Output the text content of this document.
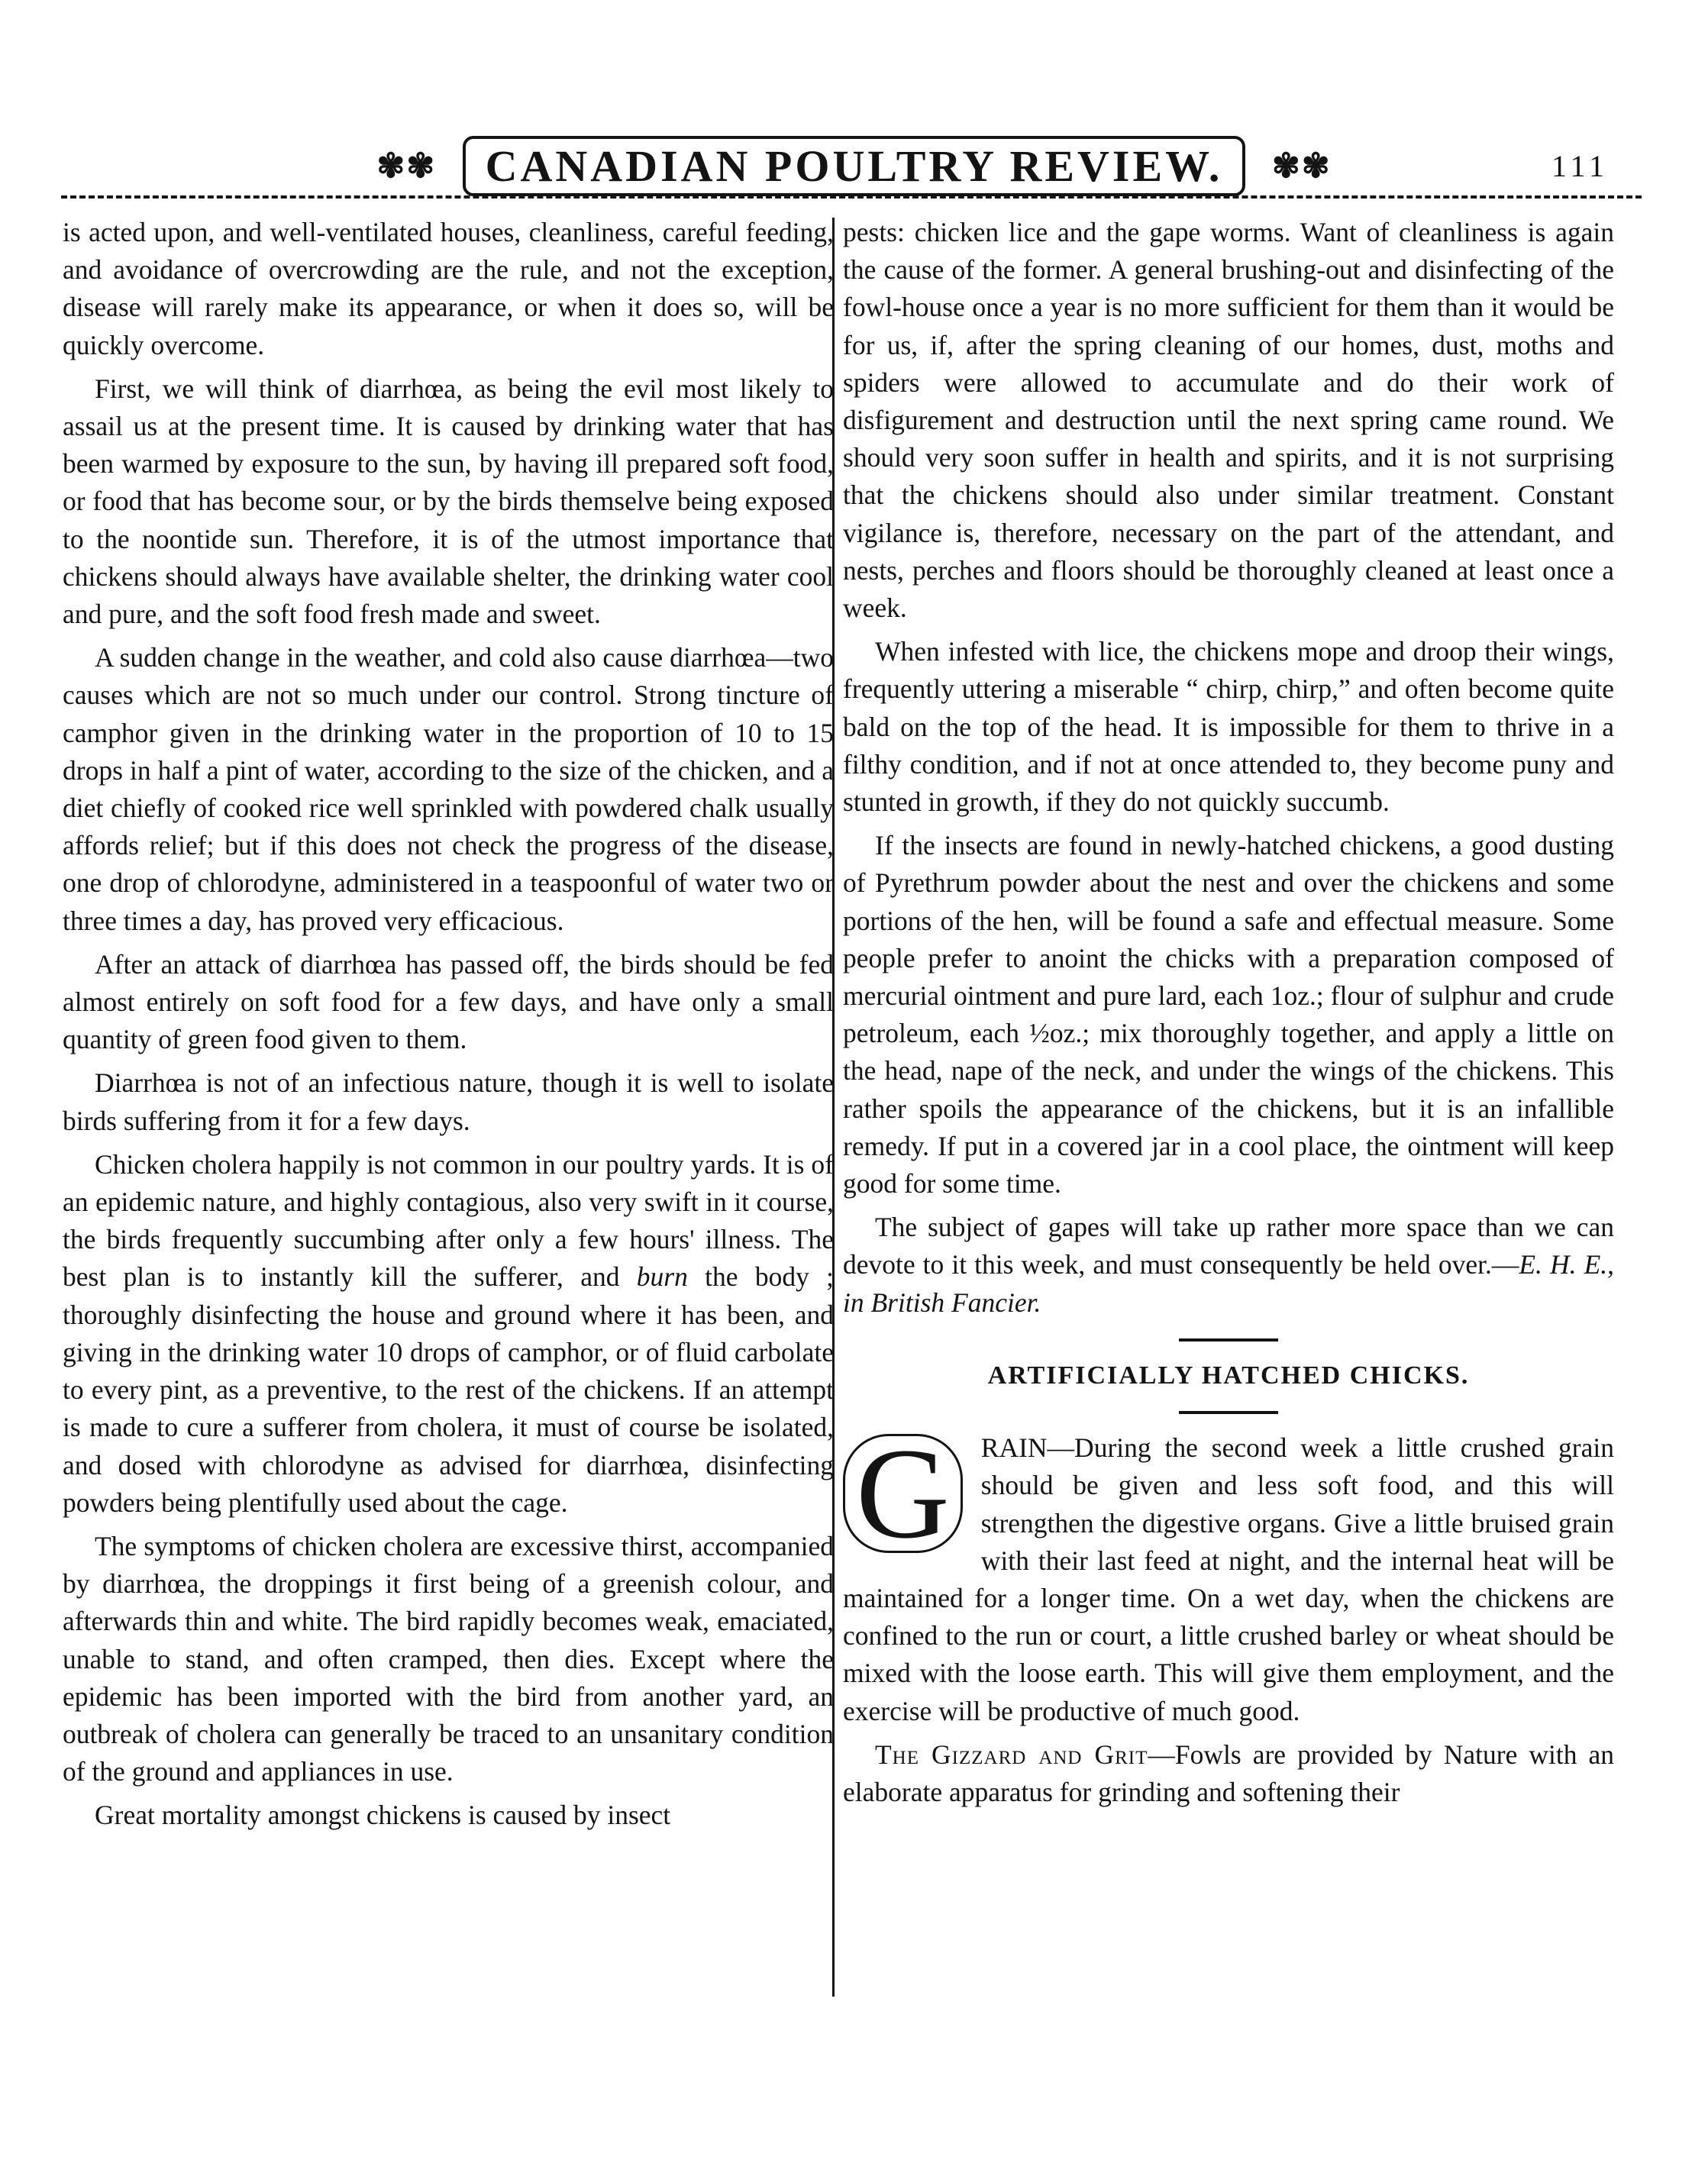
✾✾ CANADIAN POULTRY REVIEW. ✾✾	111

is acted upon, and well-ventilated houses, cleanliness, careful feeding, and avoidance of overcrowding are the rule, and not the exception, disease will rarely make its appearance, or when it does so, will be quickly overcome.

First, we will think of diarrhœa, as being the evil most likely to assail us at the present time. It is caused by drinking water that has been warmed by exposure to the sun, by having ill prepared soft food, or food that has become sour, or by the birds themselve being exposed to the noontide sun. Therefore, it is of the utmost importance that chickens should always have available shelter, the drinking water cool and pure, and the soft food fresh made and sweet.

A sudden change in the weather, and cold also cause diarrhœa—two causes which are not so much under our control. Strong tincture of camphor given in the drinking water in the proportion of 10 to 15 drops in half a pint of water, according to the size of the chicken, and a diet chiefly of cooked rice well sprinkled with powdered chalk usually affords relief; but if this does not check the progress of the disease, one drop of chlorodyne, administered in a teaspoonful of water two or three times a day, has proved very efficacious.

After an attack of diarrhœa has passed off, the birds should be fed almost entirely on soft food for a few days, and have only a small quantity of green food given to them.

Diarrhœa is not of an infectious nature, though it is well to isolate birds suffering from it for a few days.

Chicken cholera happily is not common in our poultry yards. It is of an epidemic nature, and highly contagious, also very swift in it course, the birds frequently succumbing after only a few hours' illness. The best plan is to instantly kill the sufferer, and burn the body ; thoroughly disinfecting the house and ground where it has been, and giving in the drinking water 10 drops of camphor, or of fluid carbolate to every pint, as a preventive, to the rest of the chickens. If an attempt is made to cure a sufferer from cholera, it must of course be isolated, and dosed with chlorodyne as advised for diarrhœa, disinfecting powders being plentifully used about the cage.

The symptoms of chicken cholera are excessive thirst, accompanied by diarrhœa, the droppings it first being of a greenish colour, and afterwards thin and white. The bird rapidly becomes weak, emaciated, unable to stand, and often cramped, then dies. Except where the epidemic has been imported with the bird from another yard, an outbreak of cholera can generally be traced to an unsanitary condition of the ground and appliances in use.

Great mortality amongst chickens is caused by insect

pests: chicken lice and the gape worms. Want of cleanliness is again the cause of the former. A general brushing-out and disinfecting of the fowl-house once a year is no more sufficient for them than it would be for us, if, after the spring cleaning of our homes, dust, moths and spiders were allowed to accumulate and do their work of disfigurement and destruction until the next spring came round. We should very soon suffer in health and spirits, and it is not surprising that the chickens should also under similar treatment. Constant vigilance is, therefore, necessary on the part of the attendant, and nests, perches and floors should be thoroughly cleaned at least once a week.

When infested with lice, the chickens mope and droop their wings, frequently uttering a miserable “ chirp, chirp,” and often become quite bald on the top of the head. It is impossible for them to thrive in a filthy condition, and if not at once attended to, they become puny and stunted in growth, if they do not quickly succumb.

If the insects are found in newly-hatched chickens, a good dusting of Pyrethrum powder about the nest and over the chickens and some portions of the hen, will be found a safe and effectual measure. Some people prefer to anoint the chicks with a preparation composed of mercurial ointment and pure lard, each 1oz.; flour of sulphur and crude petroleum, each ½oz.; mix thoroughly together, and apply a little on the head, nape of the neck, and under the wings of the chickens. This rather spoils the appearance of the chickens, but it is an infallible remedy. If put in a covered jar in a cool place, the ointment will keep good for some time.

The subject of gapes will take up rather more space than we can devote to it this week, and must consequently be held over.—E. H. E., in British Fancier.

ARTIFICIALLY HATCHED CHICKS.

G	RAIN—During the second week a little crushed grain should be given and less soft food, and this will strengthen the digestive organs. Give a little bruised grain with their last feed at night, and the internal heat will be maintained for a longer time. On a wet day, when the chickens are confined to the run or court, a little crushed barley or wheat should be mixed with the loose earth. This will give them employment, and the exercise will be productive of much good.

The Gizzard and Grit—Fowls are provided by Nature with an elaborate apparatus for grinding and softening their
